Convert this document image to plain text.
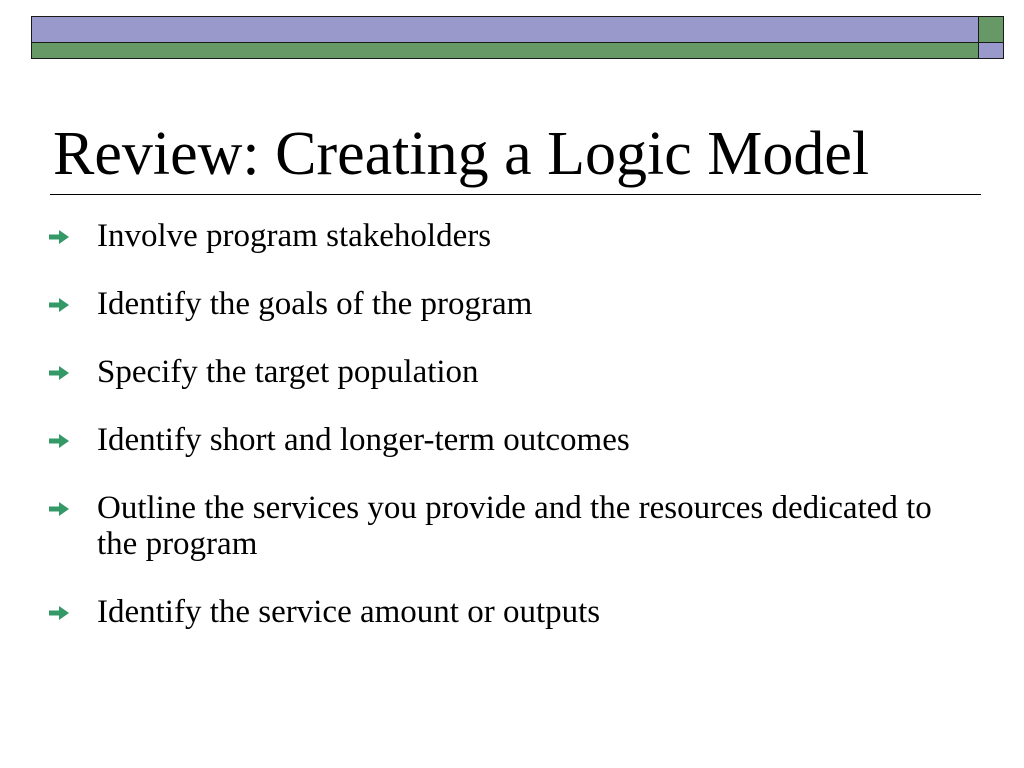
Review: Creating a Logic Model
Involve program stakeholders
Identify the goals of the program
Specify the target population
Identify short and longer-term outcomes
Outline the services you provide and the resources dedicated to the program
Identify the service amount or outputs
